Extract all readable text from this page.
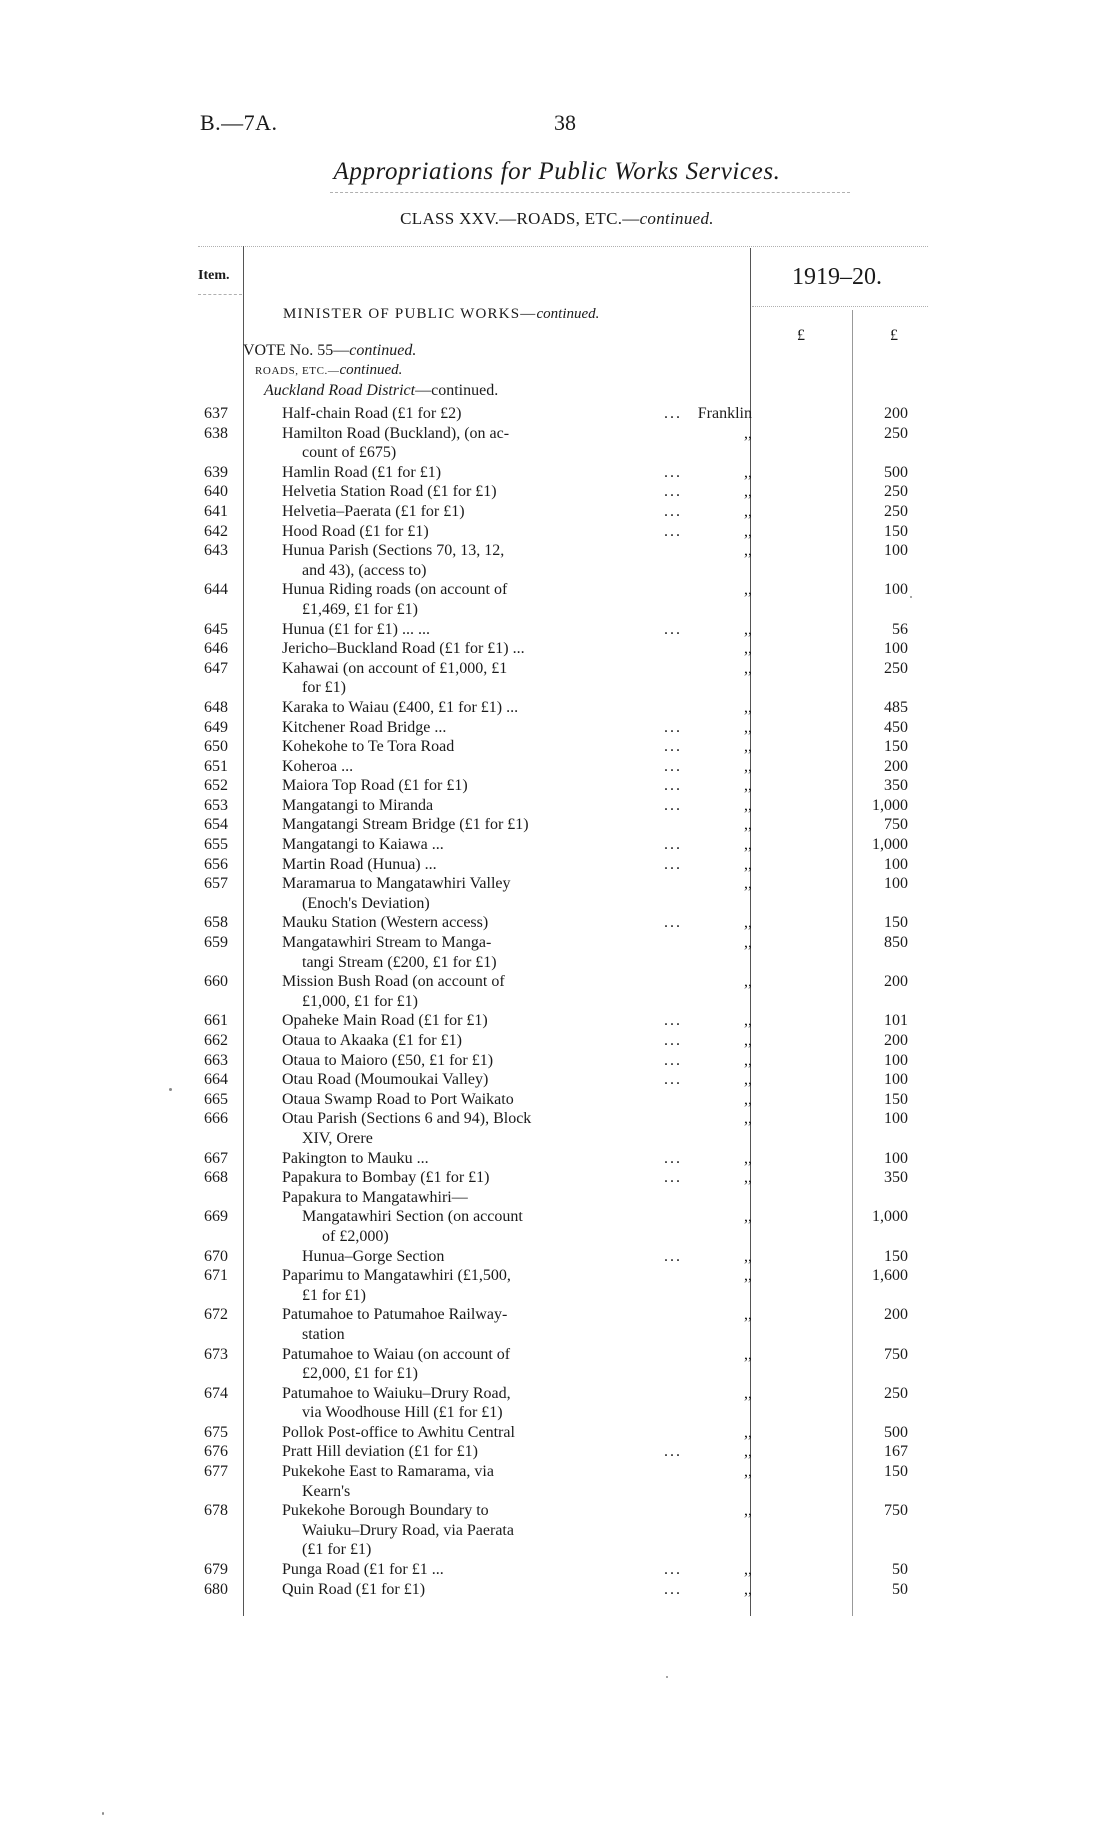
B.—7A.	38
Appropriations for Public Works Services.
CLASS XXV.—ROADS, ETC.—continued.
Item.	1919–20.
£	£
MINISTER OF PUBLIC WORKS—continued.
VOTE No. 55—continued.
ROADS, ETC.—continued.
Auckland Road District—continued.
637	Half-chain Road (£1 for £2)	... Franklin	200
638	Hamilton Road (Buckland), (on ac-
count of £675)
,,	250
639	Hamlin Road (£1 for £1)	...	,,	500
640	Helvetia Station Road (£1 for £1)	...	,,	250
641	Helvetia–Paerata (£1 for £1)	...	,,	250
642	Hood Road (£1 for £1)	...	,,	150
643	Hunua Parish (Sections 70, 13, 12,
and 43), (access to)
,,	100
644	Hunua Riding roads (on account of
£1,469, £1 for £1)
,,	100
645	Hunua (£1 for £1) ... ...	...	,,	56
646	Jericho–Buckland Road (£1 for £1) ...	,,	100
647	Kahawai (on account of £1,000, £1
for £1)
,,	250
648	Karaka to Waiau (£400, £1 for £1) ...	,,	485
649	Kitchener Road Bridge ...	...	,,	450
650	Kohekohe to Te Tora Road	...	,,	150
651	Koheroa ...	...	,,	200
652	Maiora Top Road (£1 for £1)	...	,,	350
653	Mangatangi to Miranda	...	,,	1,000
654	Mangatangi Stream Bridge (£1 for £1)	,,	750
655	Mangatangi to Kaiawa ...	...	,,	1,000
656	Martin Road (Hunua) ...	...	,,	100
657	Maramarua to Mangatawhiri Valley
(Enoch's Deviation)
,,	100
658	Mauku Station (Western access)	...	,,	150
659	Mangatawhiri Stream to Manga-
tangi Stream (£200, £1 for £1)
,,	850
660	Mission Bush Road (on account of
£1,000, £1 for £1)
,,	200
661	Opaheke Main Road (£1 for £1)	...	,,	101
662	Otaua to Akaaka (£1 for £1)	...	,,	200
663	Otaua to Maioro (£50, £1 for £1)	...	,,	100
664	Otau Road (Moumoukai Valley)	...	,,	100
665	Otaua Swamp Road to Port Waikato	,,	150
666	Otau Parish (Sections 6 and 94), Block
XIV, Orere
,,	100
667	Pakington to Mauku ...	...	,,	100
668	Papakura to Bombay (£1 for £1)	...	,,	350
Papakura to Mangatawhiri—
669	Mangatawhiri Section (on account
of £2,000)
,,	1,000
670	Hunua–Gorge Section	...	,,	150
671	Paparimu to Mangatawhiri (£1,500,
£1 for £1)
,,	1,600
672	Patumahoe to Patumahoe Railway-
station
,,	200
673	Patumahoe to Waiau (on account of
£2,000, £1 for £1)
,,	750
674	Patumahoe to Waiuku–Drury Road,
via Woodhouse Hill (£1 for £1)
,,	250
675	Pollok Post-office to Awhitu Central	,,	500
676	Pratt Hill deviation (£1 for £1)	...	,,	167
677	Pukekohe East to Ramarama, via
Kearn's
,,	150
678	Pukekohe Borough Boundary to
Waiuku–Drury Road, via Paerata
(£1 for £1)
,,	750
679	Punga Road (£1 for £1 ...	...	,,	50
680	Quin Road (£1 for £1)	...	,,	50
